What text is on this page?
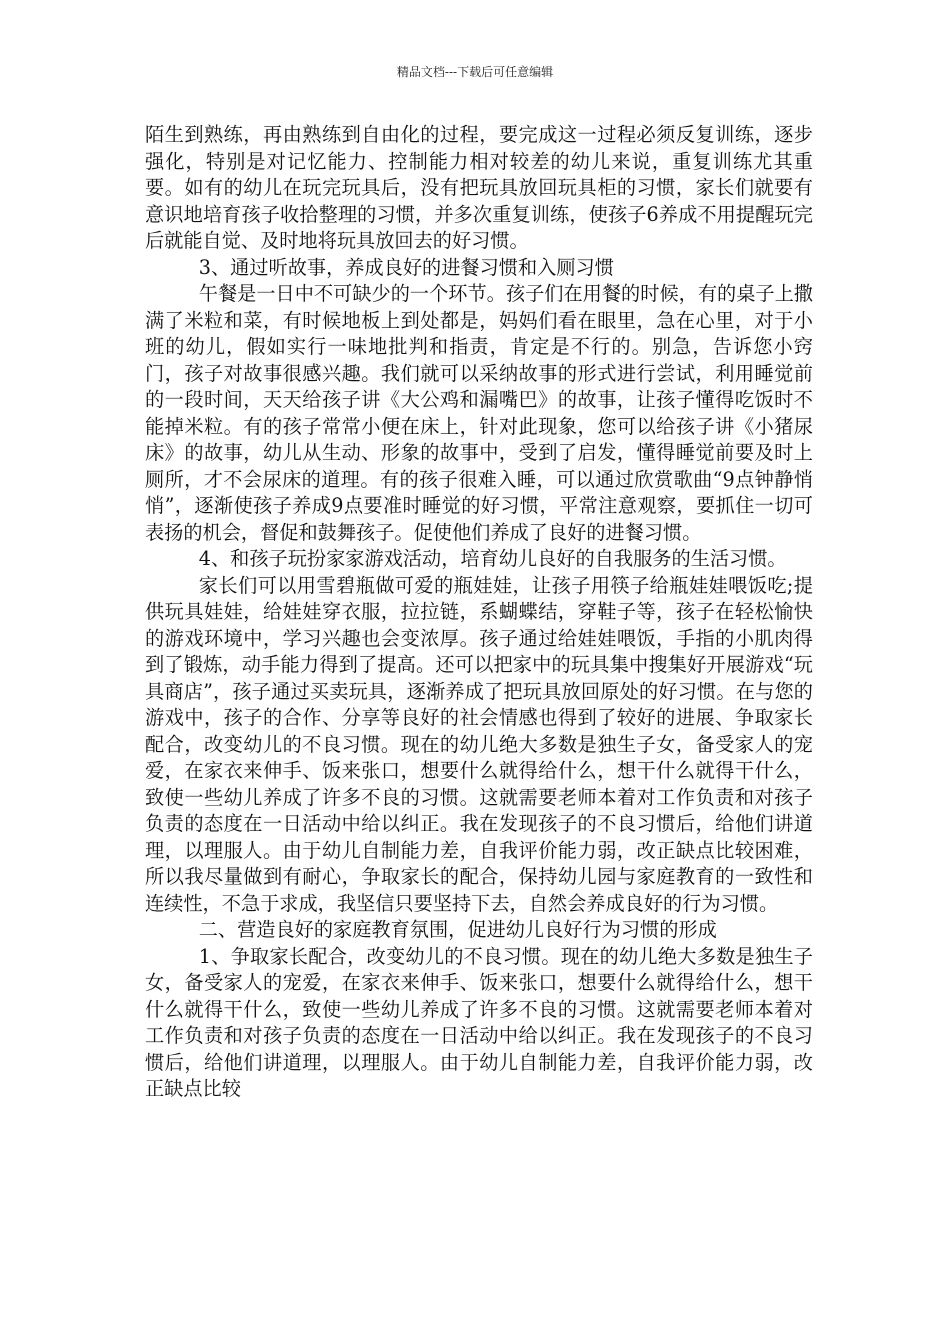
精品文档---下载后可任意编辑

陌生到熟练，再由熟练到自由化的过程，要完成这一过程必须反复训练，逐步强化，特别是对记忆能力、控制能力相对较差的幼儿来说，重复训练尤其重要。如有的幼儿在玩完玩具后，没有把玩具放回玩具柜的习惯，家长们就要有意识地培育孩子收拾整理的习惯，并多次重复训练，使孩子6养成不用提醒玩完后就能自觉、及时地将玩具放回去的好习惯。

3、通过听故事，养成良好的进餐习惯和入厕习惯

午餐是一日中不可缺少的一个环节。孩子们在用餐的时候，有的桌子上撒满了米粒和菜，有时候地板上到处都是，妈妈们看在眼里，急在心里，对于小班的幼儿，假如实行一味地批判和指责，肯定是不行的。别急，告诉您小窍门，孩子对故事很感兴趣。我们就可以采纳故事的形式进行尝试，利用睡觉前的一段时间，天天给孩子讲《大公鸡和漏嘴巴》的故事，让孩子懂得吃饭时不能掉米粒。有的孩子常常小便在床上，针对此现象，您可以给孩子讲《小猪尿床》的故事，幼儿从生动、形象的故事中，受到了启发，懂得睡觉前要及时上厕所，才不会尿床的道理。有的孩子很难入睡，可以通过欣赏歌曲“9点钟静悄悄”，逐渐使孩子养成9点要准时睡觉的好习惯，平常注意观察，要抓住一切可表扬的机会，督促和鼓舞孩子。促使他们养成了良好的进餐习惯。

4、和孩子玩扮家家游戏活动，培育幼儿良好的自我服务的生活习惯。

家长们可以用雪碧瓶做可爱的瓶娃娃，让孩子用筷子给瓶娃娃喂饭吃;提供玩具娃娃，给娃娃穿衣服，拉拉链，系蝴蝶结，穿鞋子等，孩子在轻松愉快的游戏环境中，学习兴趣也会变浓厚。孩子通过给娃娃喂饭，手指的小肌肉得到了锻炼，动手能力得到了提高。还可以把家中的玩具集中搜集好开展游戏“玩具商店”，孩子通过买卖玩具，逐渐养成了把玩具放回原处的好习惯。在与您的游戏中，孩子的合作、分享等良好的社会情感也得到了较好的进展、争取家长配合，改变幼儿的不良习惯。现在的幼儿绝大多数是独生子女，备受家人的宠爱，在家衣来伸手、饭来张口，想要什么就得给什么，想干什么就得干什么，致使一些幼儿养成了许多不良的习惯。这就需要老师本着对工作负责和对孩子负责的态度在一日活动中给以纠正。我在发现孩子的不良习惯后，给他们讲道理，以理服人。由于幼儿自制能力差，自我评价能力弱，改正缺点比较困难，所以我尽量做到有耐心，争取家长的配合，保持幼儿园与家庭教育的一致性和连续性，不急于求成，我坚信只要坚持下去，自然会养成良好的行为习惯。

二、营造良好的家庭教育氛围，促进幼儿良好行为习惯的形成

1、争取家长配合，改变幼儿的不良习惯。现在的幼儿绝大多数是独生子女，备受家人的宠爱，在家衣来伸手、饭来张口，想要什么就得给什么，想干什么就得干什么，致使一些幼儿养成了许多不良的习惯。这就需要老师本着对工作负责和对孩子负责的态度在一日活动中给以纠正。我在发现孩子的不良习惯后，给他们讲道理，以理服人。由于幼儿自制能力差，自我评价能力弱，改正缺点比较
